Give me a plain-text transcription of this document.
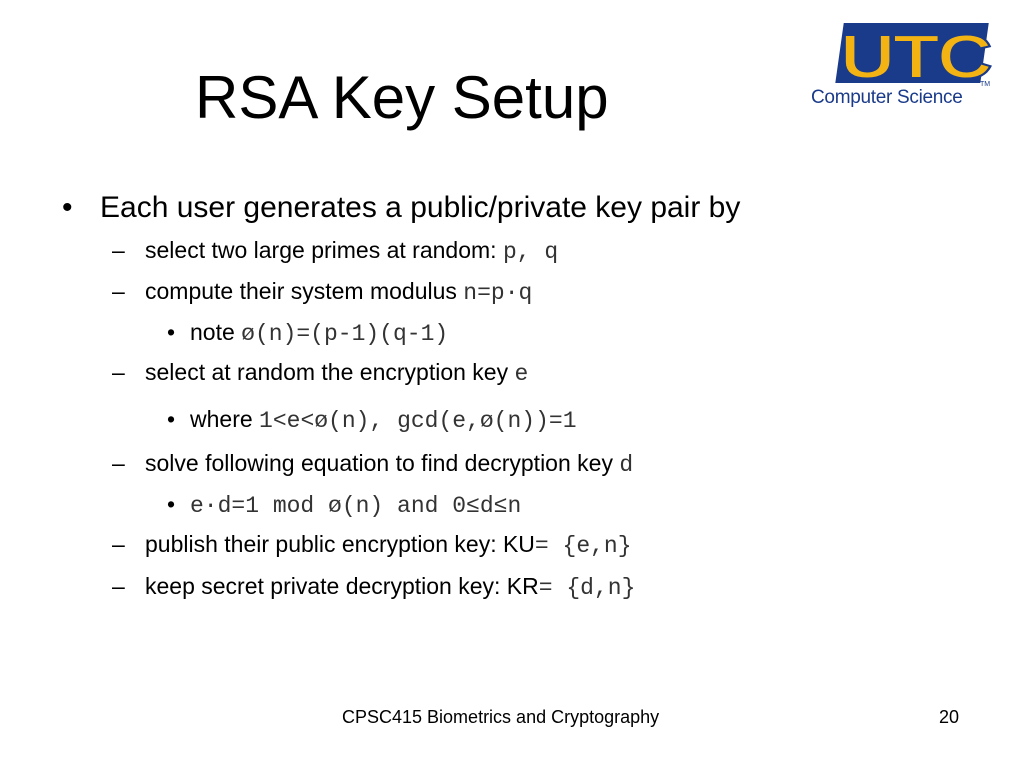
RSA Key Setup
UTC
TM
Computer Science
• Each user generates a public/private key pair by
– select two large primes at random: p, q
– compute their system modulus n=p·q
• note ø(n)=(p-1)(q-1)
– select at random the encryption key e
• where 1<e<ø(n), gcd(e,ø(n))=1
– solve following equation to find decryption key d
• e·d=1 mod ø(n) and 0≤d≤n
– publish their public encryption key: KU= {e,n}
– keep secret private decryption key: KR= {d,n}
CPSC415 Biometrics and Cryptography	20
